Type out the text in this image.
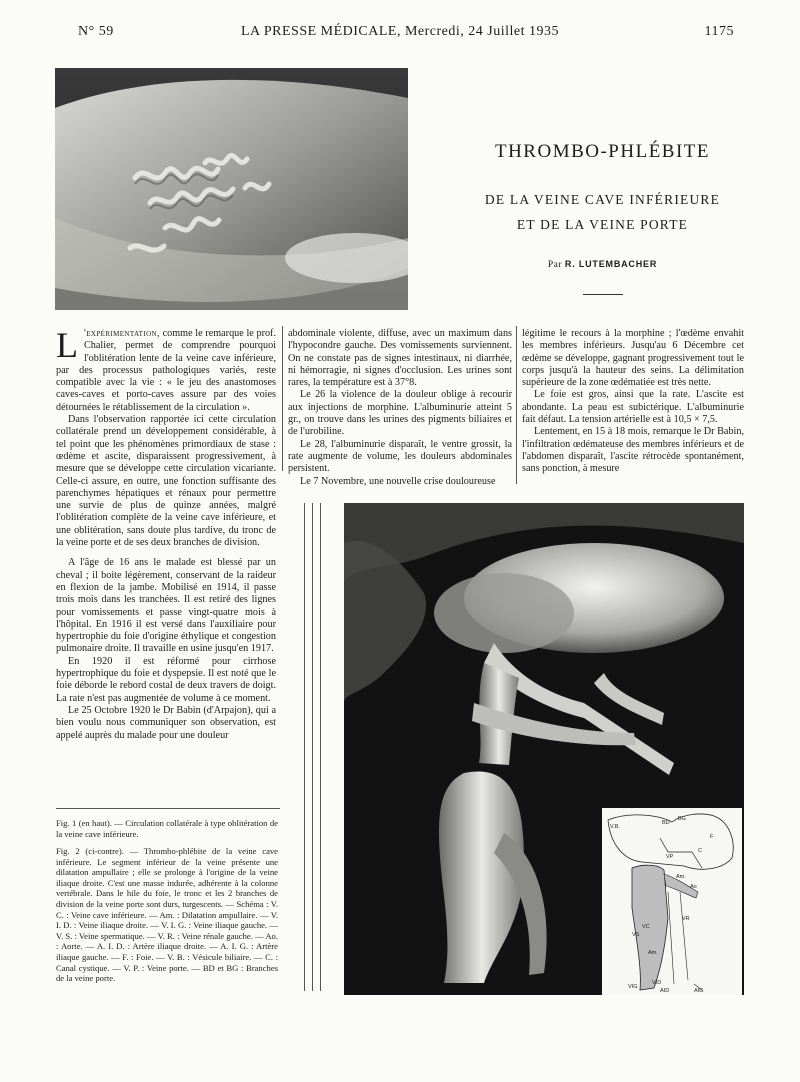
N° 59	LA PRESSE MÉDICALE, Mercredi, 24 Juillet 1935	1175
THROMBO-PHLÉBITE
DE LA VEINE CAVE INFÉRIEURE
ET DE LA VEINE PORTE
Par R. LUTEMBACHER

L 'expérimentation, comme le remarque le prof. Chalier, permet de comprendre pourquoi l'oblitération lente de la veine cave inférieure, par des processus pathologiques variés, reste compatible avec la vie : « le jeu des anastomoses caves-caves et porto-caves assure par des voies détournées le rétablissement de la circulation ».

Dans l'observation rapportée ici cette circulation collatérale prend un développement considérable, à tel point que les phénomènes primordiaux de stase : œdème et ascite, disparaissent progressivement, à mesure que se développe cette circulation vicariante. Celle-ci assure, en outre, une fonction suffisante des parenchymes hépatiques et rénaux pour permettre une survie de plus de quinze années, malgré l'oblitération complète de la veine cave inférieure, et une oblitération, sans doute plus tardive, du tronc de la veine porte et de ses deux branches de division.

A l'âge de 16 ans le malade est blessé par un cheval ; il boite légèrement, conservant de la raideur en flexion de la jambe. Mobilisé en 1914, il passe trois mois dans les tranchées. Il est retiré des lignes pour vomissements et passe vingt-quatre mois à l'hôpital. En 1916 il est versé dans l'auxiliaire pour hypertrophie du foie d'origine éthylique et congestion pulmonaire droite. Il travaille en usine jusqu'en 1917.

En 1920 il est réformé pour cirrhose hypertrophique du foie et dyspepsie. Il est noté que le foie déborde le rebord costal de deux travers de doigt. La rate n'est pas augmentée de volume à ce moment.

Le 25 Octobre 1920 le Dr Babin (d'Arpajon), qui a bien voulu nous communiquer son observation, est appelé auprès du malade pour une douleur

abdominale violente, diffuse, avec un maximum dans l'hypocondre gauche. Des vomissements surviennent. On ne constate pas de signes intestinaux, ni diarrhée, ni hémorragie, ni signes d'occlusion. Les urines sont rares, la température est à 37°8.

Le 26 la violence de la douleur oblige à recourir aux injections de morphine. L'albuminurie atteint 5 gr., on trouve dans les urines des pigments biliaires et de l'urobiline.

Le 28, l'albuminurie disparaît, le ventre grossit, la rate augmente de volume, les douleurs abdominales persistent.

Le 7 Novembre, une nouvelle crise douloureuse

légitime le recours à la morphine ; l'œdème envahit les membres inférieurs. Jusqu'au 6 Décembre cet œdème se développe, gagnant progressivement tout le corps jusqu'à la hauteur des seins. La délimitation supérieure de la zone œdématiée est très nette.

Le foie est gros, ainsi que la rate. L'ascite est abondante. La peau est subictérique. L'albuminurie fait défaut. La tension artérielle est à 10,5 × 7,5.

Lentement, en 15 à 18 mois, remarque le Dr Babin, l'infiltration œdémateuse des membres inférieurs et de l'abdomen disparaît, l'ascite rétrocède spontanément, sans ponction, à mesure

Fig. 1 (en haut). — Circulation collatérale à type oblitération de la veine cave inférieure.

Fig. 2 (ci-contre). — Thrombo-phlébite de la veine cave inférieure. Le segment inférieur de la veine présente une dilatation ampullaire ; elle se prolonge à l'origine de la veine iliaque droite. C'est une masse indurée, adhérente à la colonne vertébrale. Dans le hile du foie, le tronc et les 2 branches de division de la veine porte sont durs, turgescents. — Schéma : V. C. : Veine cave inférieure. — Am. : Dilatation ampullaire. — V. I. D. : Veine iliaque droite. — V. I. G. : Veine iliaque gauche. — V. S. : Veine spermatique. — V. R. : Veine rénale gauche. — Ao. : Aorte. — A. I. D. : Artère iliaque droite. — A. I. G. : Artère iliaque gauche. — F. : Foie. — V. B. : Vésicule biliaire. — C. : Canal cystique. — V. P. : Veine porte. — BD et BG : Branches de la veine porte.

V.B.
BD
BG
F
C
VP
Am.
Ao
VC
VR
VS
Am.
VIG
AID	AIG
VID
